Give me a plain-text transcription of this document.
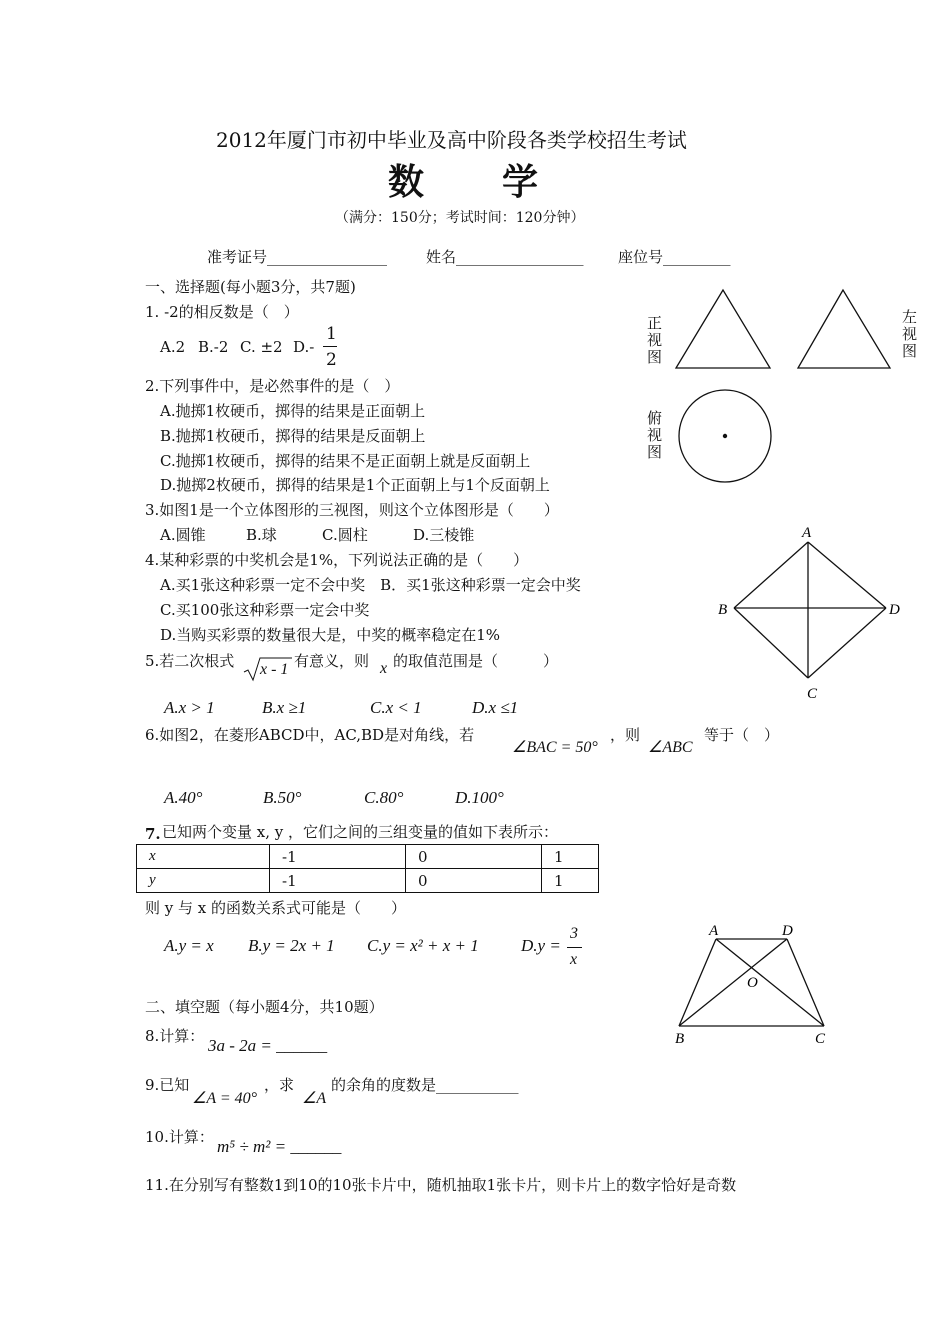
2012年厦门市初中毕业及高中阶段各类学校招生考试
数　　学
（满分：150分；考试时间：120分钟）
准考证号________________	姓名_________________ 座位号_________
一、选择题(每小题3分，共7题)
1. -2的相反数是（　）
A.2 B.-2 C. ±2 D.-
1
2
2.下列事件中，是必然事件的是（　）
A.抛掷1枚硬币，掷得的结果是正面朝上
B.抛掷1枚硬币，掷得的结果是反面朝上
C.抛掷1枚硬币，掷得的结果不是正面朝上就是反面朝上
D.抛掷2枚硬币，掷得的结果是1个正面朝上与1个反面朝上
3.如图1是一个立体图形的三视图，则这个立体图形是（　　）
A.圆锥	B.球	C.圆柱	D.三棱锥
4.某种彩票的中奖机会是1%，下列说法正确的是（　　）
A.买1张这种彩票一定不会中奖　B．买1张这种彩票一定会中奖
C.买100张这种彩票一定会中奖
D.当购买彩票的数量很大是，中奖的概率稳定在1%
5.若二次根式 x - 1 有意义，则 x 的取值范围是（　　　）
A.x > 1	B.x ≥1	C.x < 1	D.x ≤1
6.如图2，在菱形ABCD中，AC,BD是对角线，若
∠BAC = 50°
，则
∠ABC
等于（　）
A.40°	B.50°	C.80°	D.100°
7. 已知两个变量 x, y ，它们之间的三组变量的值如下表所示：
x	-1	0	1
y	-1	0	1
则 y 与 x 的函数关系式可能是（　　）
A.y = x B.y = 2x + 1 C.y = x² + x + 1 D.y =
3
x
二、填空题（每小题4分，共10题）
8.计算： 3a - 2a = ______
9.已知
∠A = 40°
，求
∠A
的余角的度数是___________
10.计算： m⁵ ÷ m² = ______
11.在分别写有整数1到10的10张卡片中，随机抽取1张卡片，则卡片上的数字恰好是奇数
正视图
左视图
俯视图
A
B
C
D
A	D
O
B	C
